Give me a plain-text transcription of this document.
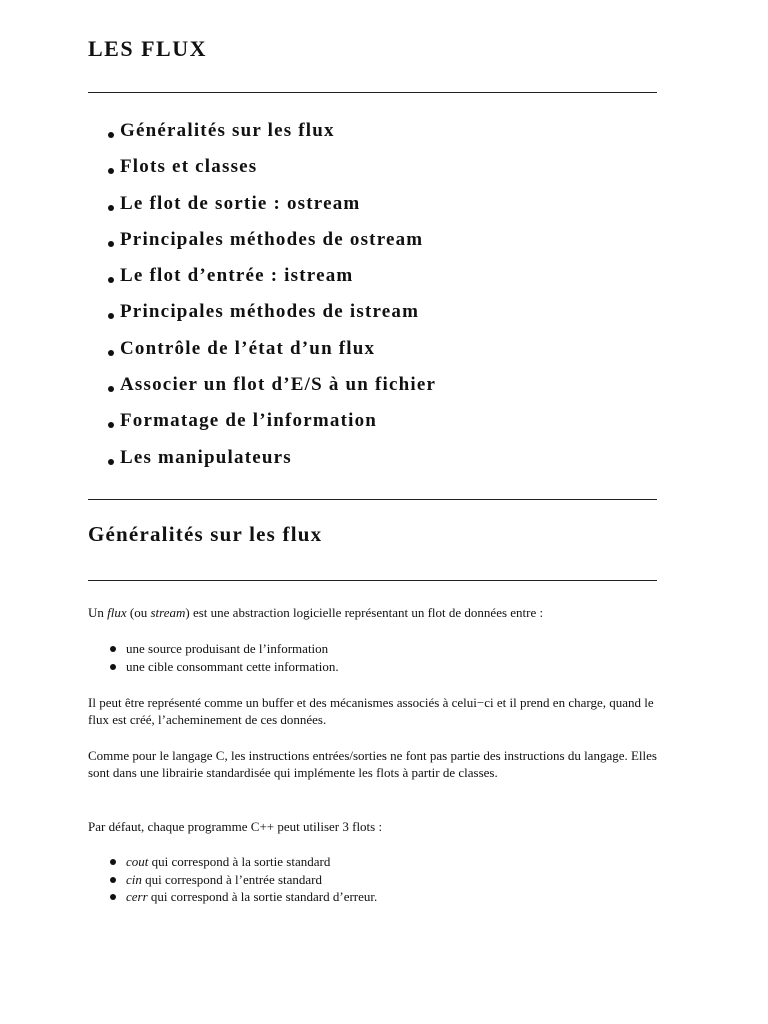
LES FLUX
Généralités sur les flux
Flots et classes
Le flot de sortie : ostream
Principales méthodes de ostream
Le flot d’entrée : istream
Principales méthodes de istream
Contrôle de l’état d’un flux
Associer un flot d’E/S à un fichier
Formatage de l’information
Les manipulateurs
Généralités sur les flux

Un flux (ou stream) est une abstraction logicielle représentant un flot de données entre :

une source produisant de l’information
une cible consommant cette information.

Il peut être représenté comme un buffer et des mécanismes associés à celui−ci et il prend en charge, quand le flux est créé, l’acheminement de ces données.

Comme pour le langage C, les instructions entrées/sorties ne font pas partie des instructions du langage. Elles sont dans une librairie standardisée qui implémente les flots à partir de classes.

Par défaut, chaque programme C++ peut utiliser 3 flots :

cout qui correspond à la sortie standard
cin qui correspond à l’entrée standard
cerr qui correspond à la sortie standard d’erreur.
